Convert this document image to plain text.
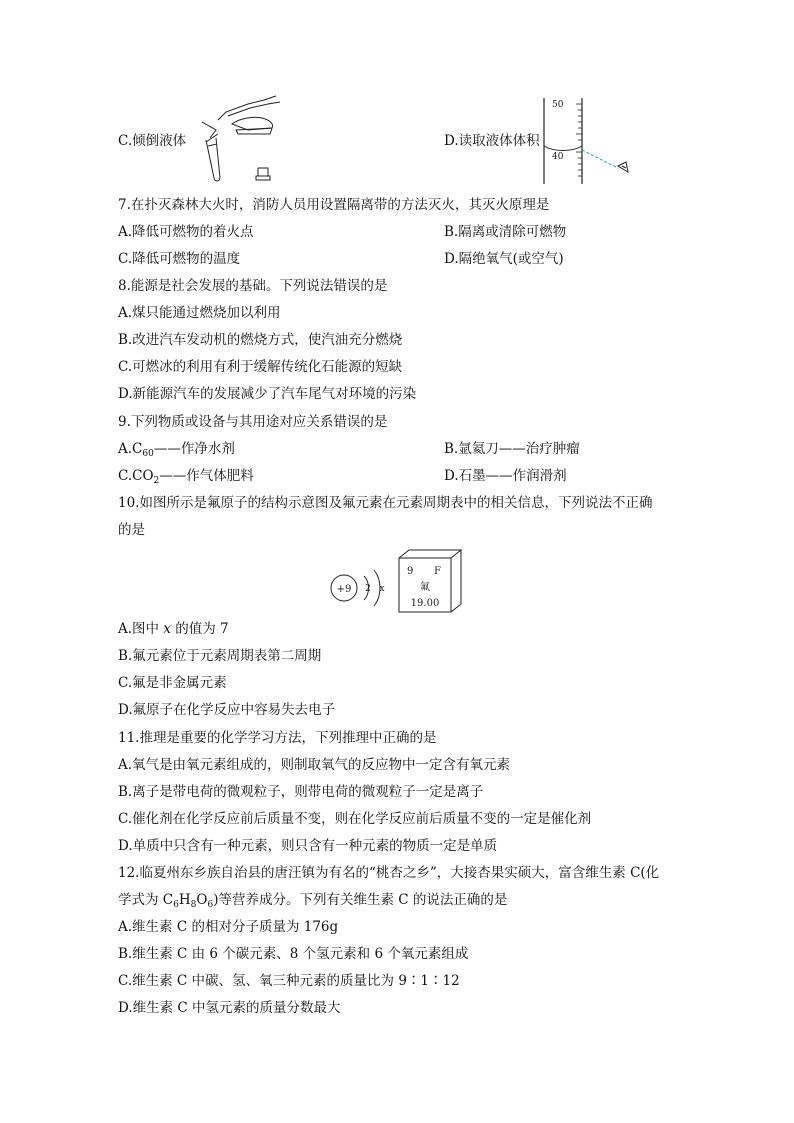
50
40
C.倾倒液体	D.读取液体体积
7.在扑灭森林大火时，消防人员用设置隔离带的方法灭火，其灭火原理是
A.降低可燃物的着火点	B.隔离或清除可燃物
C.降低可燃物的温度	D.隔绝氧气(或空气)
8.能源是社会发展的基础。下列说法错误的是
A.煤只能通过燃烧加以利用
B.改进汽车发动机的燃烧方式，使汽油充分燃烧
C.可燃冰的利用有利于缓解传统化石能源的短缺
D.新能源汽车的发展减少了汽车尾气对环境的污染
9.下列物质或设备与其用途对应关系错误的是
$A.C_{60}——$作净水剂	B.氩氦刀——治疗肿瘤
$C.CO_2——$作气体肥料	D.石墨——作润滑剂
10.如图所示是氟原子的结构示意图及氟元素在元素周期表中的相关信息，下列说法不正确
的是
+9 2 x
9 F
氟
19.00
A.图中 x 的值为 7
B.氟元素位于元素周期表第二周期
C.氟是非金属元素
D.氟原子在化学反应中容易失去电子
11.推理是重要的化学学习方法，下列推理中正确的是
A.氧气是由氧元素组成的，则制取氧气的反应物中一定含有氧元素
B.离子是带电荷的微观粒子，则带电荷的微观粒子一定是离子
C.催化剂在化学反应前后质量不变，则在化学反应前后质量不变的一定是催化剂
D.单质中只含有一种元素，则只含有一种元素的物质一定是单质
12.临夏州东乡族自治县的唐汪镇为有名的“桃杏之乡”，大接杏果实硕大，富含维生素 C(化
学式为 $C_6H_8O_6$)等营养成分。下列有关维生素 C 的说法正确的是
A.维生素 C 的相对分子质量为 176g
B.维生素 C 由 6 个碳元素、8 个氢元素和 6 个氧元素组成
C.维生素 C 中碳、氢、氧三种元素的质量比为 9∶1∶12
D.维生素 C 中氢元素的质量分数最大
